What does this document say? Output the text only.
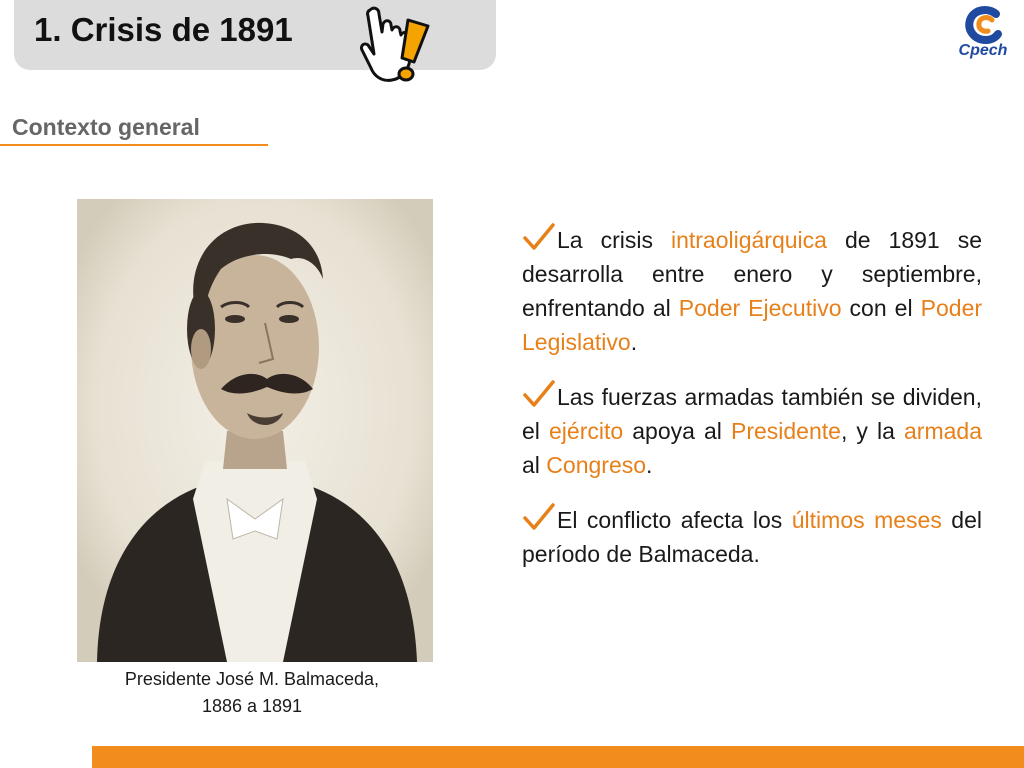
1. Crisis de 1891
Cpech
Contexto general
Presidente José M. Balmaceda,
1886 a 1891

La crisis intraoligárquica de 1891 se desarrolla entre enero y septiembre, enfrentando al Poder Ejecutivo con el Poder Legislativo.

Las fuerzas armadas también se dividen, el ejército apoya al Presidente, y la armada al Congreso.

El conflicto afecta los últimos meses del período de Balmaceda.
